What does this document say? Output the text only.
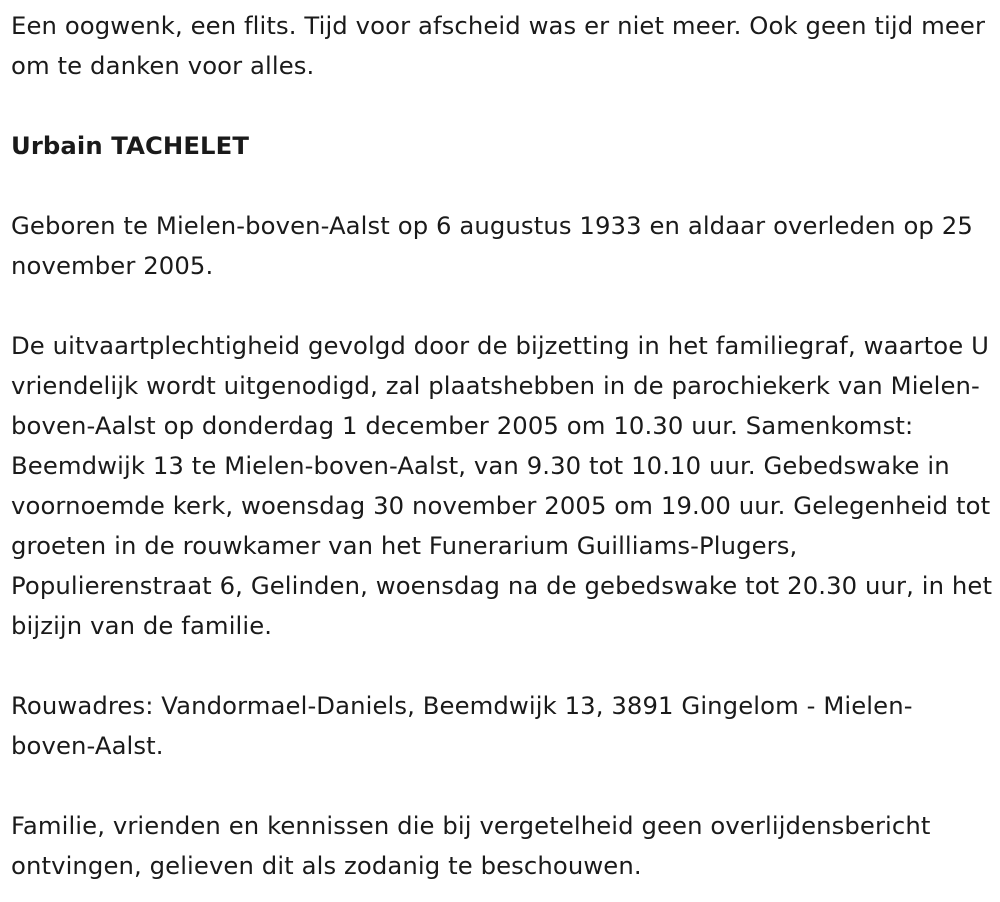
Een oogwenk, een flits. Tijd voor afscheid was er niet meer. Ook geen tijd meer om te danken voor alles.

Urbain TACHELET

Geboren te Mielen-boven-Aalst op 6 augustus 1933 en aldaar overleden op 25 november 2005.

De uitvaartplechtigheid gevolgd door de bijzetting in het familiegraf, waartoe U vriendelijk wordt uitgenodigd, zal plaatshebben in de parochiekerk van Mielen-boven-Aalst op donderdag 1 december 2005 om 10.30 uur. Samenkomst: Beemdwijk 13 te Mielen-boven-Aalst, van 9.30 tot 10.10 uur. Gebedswake in voornoemde kerk, woensdag 30 november 2005 om 19.00 uur. Gelegenheid tot groeten in de rouwkamer van het Funerarium Guilliams-Plugers, Populierenstraat 6, Gelinden, woensdag na de gebedswake tot 20.30 uur, in het bijzijn van de familie.

Rouwadres: Vandormael-Daniels, Beemdwijk 13, 3891 Gingelom - Mielen-boven-Aalst.

Familie, vrienden en kennissen die bij vergetelheid geen overlijdensbericht ontvingen, gelieven dit als zodanig te beschouwen.
